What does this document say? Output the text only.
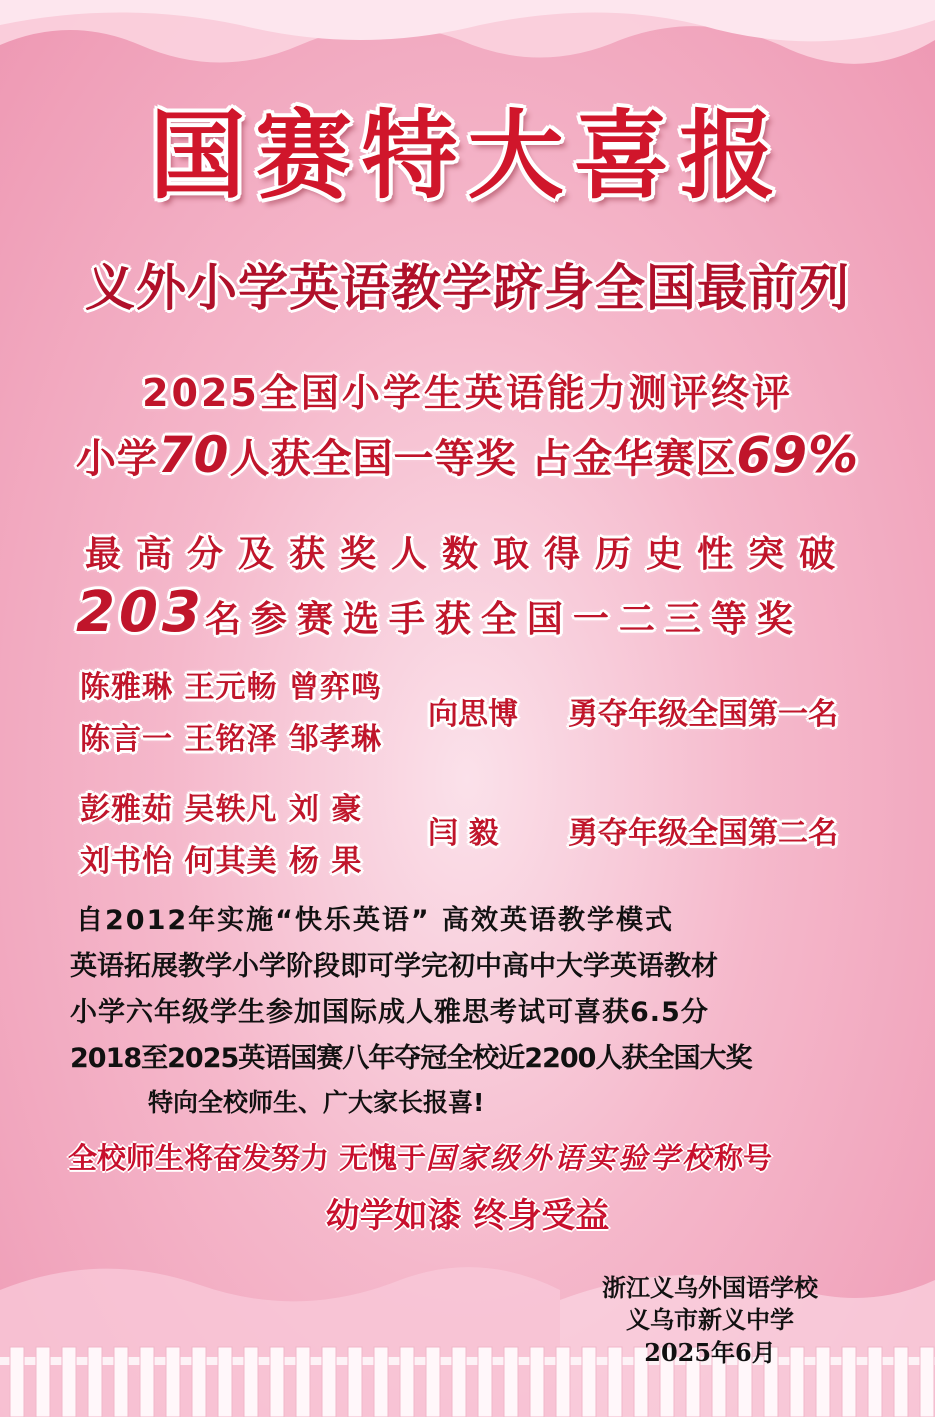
国赛特大喜报
义外小学英语教学跻身全国最前列
2025全国小学生英语能力测评终评
小学70人获全国一等奖 占金华赛区69%
最高分及获奖人数取得历史性突破
203名参赛选手获全国一二三等奖
陈雅琳 王元畅 曾弈鸣
陈言一 王铭泽 邹孝琳
向思博 勇夺年级全国第一名
彭雅茹 吴轶凡 刘 豪
刘书怡 何其美 杨 果
闫 毅 勇夺年级全国第二名
自2012年实施“快乐英语” 高效英语教学模式
英语拓展教学小学阶段即可学完初中高中大学英语教材
小学六年级学生参加国际成人雅思考试可喜获6.5分
2018至2025英语国赛八年夺冠全校近2200人获全国大奖
特向全校师生、广大家长报喜!
全校师生将奋发努力 无愧于国家级外语实验学校称号
幼学如漆 终身受益
浙江义乌外国语学校
义乌市新义中学
2025年6月
